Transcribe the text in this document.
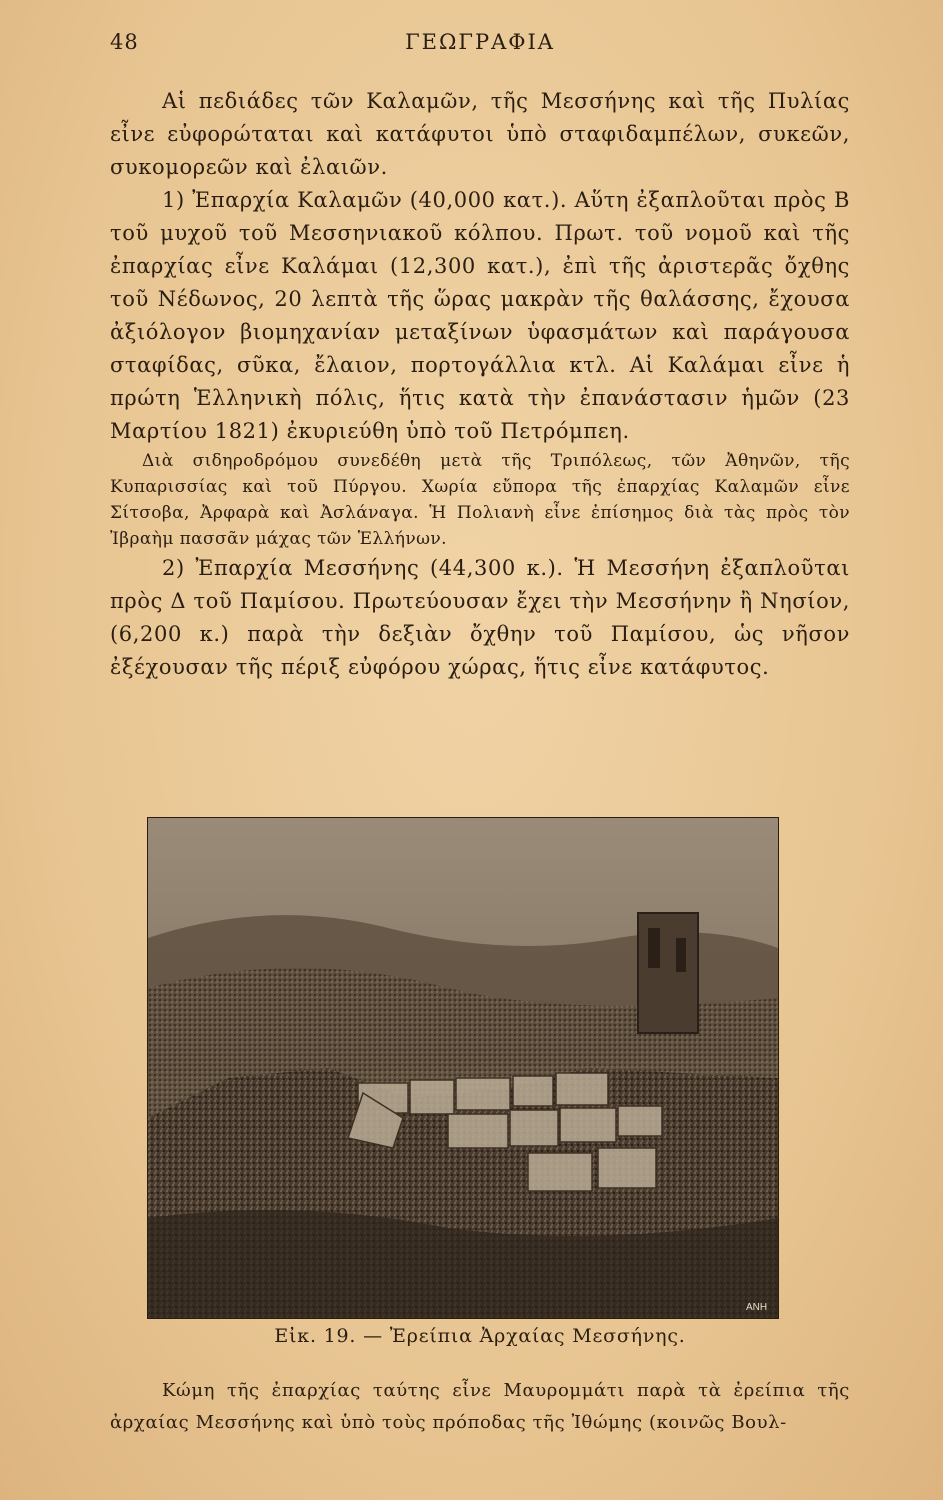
48	ΓΕΩΓΡΑΦΙΑ

Αἱ πεδιάδες τῶν Καλαμῶν, τῆς Μεσσήνης καὶ τῆς Πυλίας εἶνε εὐφορώταται καὶ κατάφυτοι ὑπὸ σταφιδαμπέλων, συκεῶν, συκομορεῶν καὶ ἐλαιῶν.

1) Ἐπαρχία Καλαμῶν (40,000 κατ.). Αὕτη ἐξαπλοῦται πρὸς Β τοῦ μυχοῦ τοῦ Μεσσηνιακοῦ κόλπου. Πρωτ. τοῦ νομοῦ καὶ τῆς ἐπαρχίας εἶνε Καλάμαι (12,300 κατ.), ἐπὶ τῆς ἀριστερᾶς ὄχθης τοῦ Νέδωνος, 20 λεπτὰ τῆς ὥρας μακρὰν τῆς θαλάσσης, ἔχουσα ἀξιόλογον βιομηχανίαν μεταξίνων ὑφασμάτων καὶ παράγουσα σταφίδας, σῦκα, ἔλαιον, πορτογάλλια κτλ. Αἱ Καλάμαι εἶνε ἡ πρώτη Ἑλληνικὴ πόλις, ἥτις κατὰ τὴν ἐπανάστασιν ἡμῶν (23 Μαρτίου 1821) ἐκυριεύθη ὑπὸ τοῦ Πετρόμπεη.

Διὰ σιδηροδρόμου συνεδέθη μετὰ τῆς Τριπόλεως, τῶν Ἀθηνῶν, τῆς Κυπαρισσίας καὶ τοῦ Πύργου. Χωρία εὔπορα τῆς ἐπαρχίας Καλαμῶν εἶνε Σίτσοβα, Ἀρφαρὰ καὶ Ἀσλάναγα. Ἡ Πολιανὴ εἶνε ἐπίσημος διὰ τὰς πρὸς τὸν Ἰβραὴμ πασσᾶν μάχας τῶν Ἑλλήνων.

2) Ἐπαρχία Μεσσήνης (44,300 κ.). Ἡ Μεσσήνη ἐξαπλοῦται πρὸς Δ τοῦ Παμίσου. Πρωτεύουσαν ἔχει τὴν Μεσσήνην ἢ Νησίον, (6,200 κ.) παρὰ τὴν δεξιὰν ὄχθην τοῦ Παμίσου, ὡς νῆσον ἐξέχουσαν τῆς πέριξ εὐφόρου χώρας, ἥτις εἶνε κατάφυτος.

ΑΝΗ
Εἰκ. 19. — Ἐρείπια Ἀρχαίας Μεσσήνης.

Κώμη τῆς ἐπαρχίας ταύτης εἶνε Μαυρομμάτι παρὰ τὰ ἐρείπια τῆς ἀρχαίας Μεσσήνης καὶ ὑπὸ τοὺς πρόποδας τῆς Ἰθώμης (κοινῶς Βουλ-
